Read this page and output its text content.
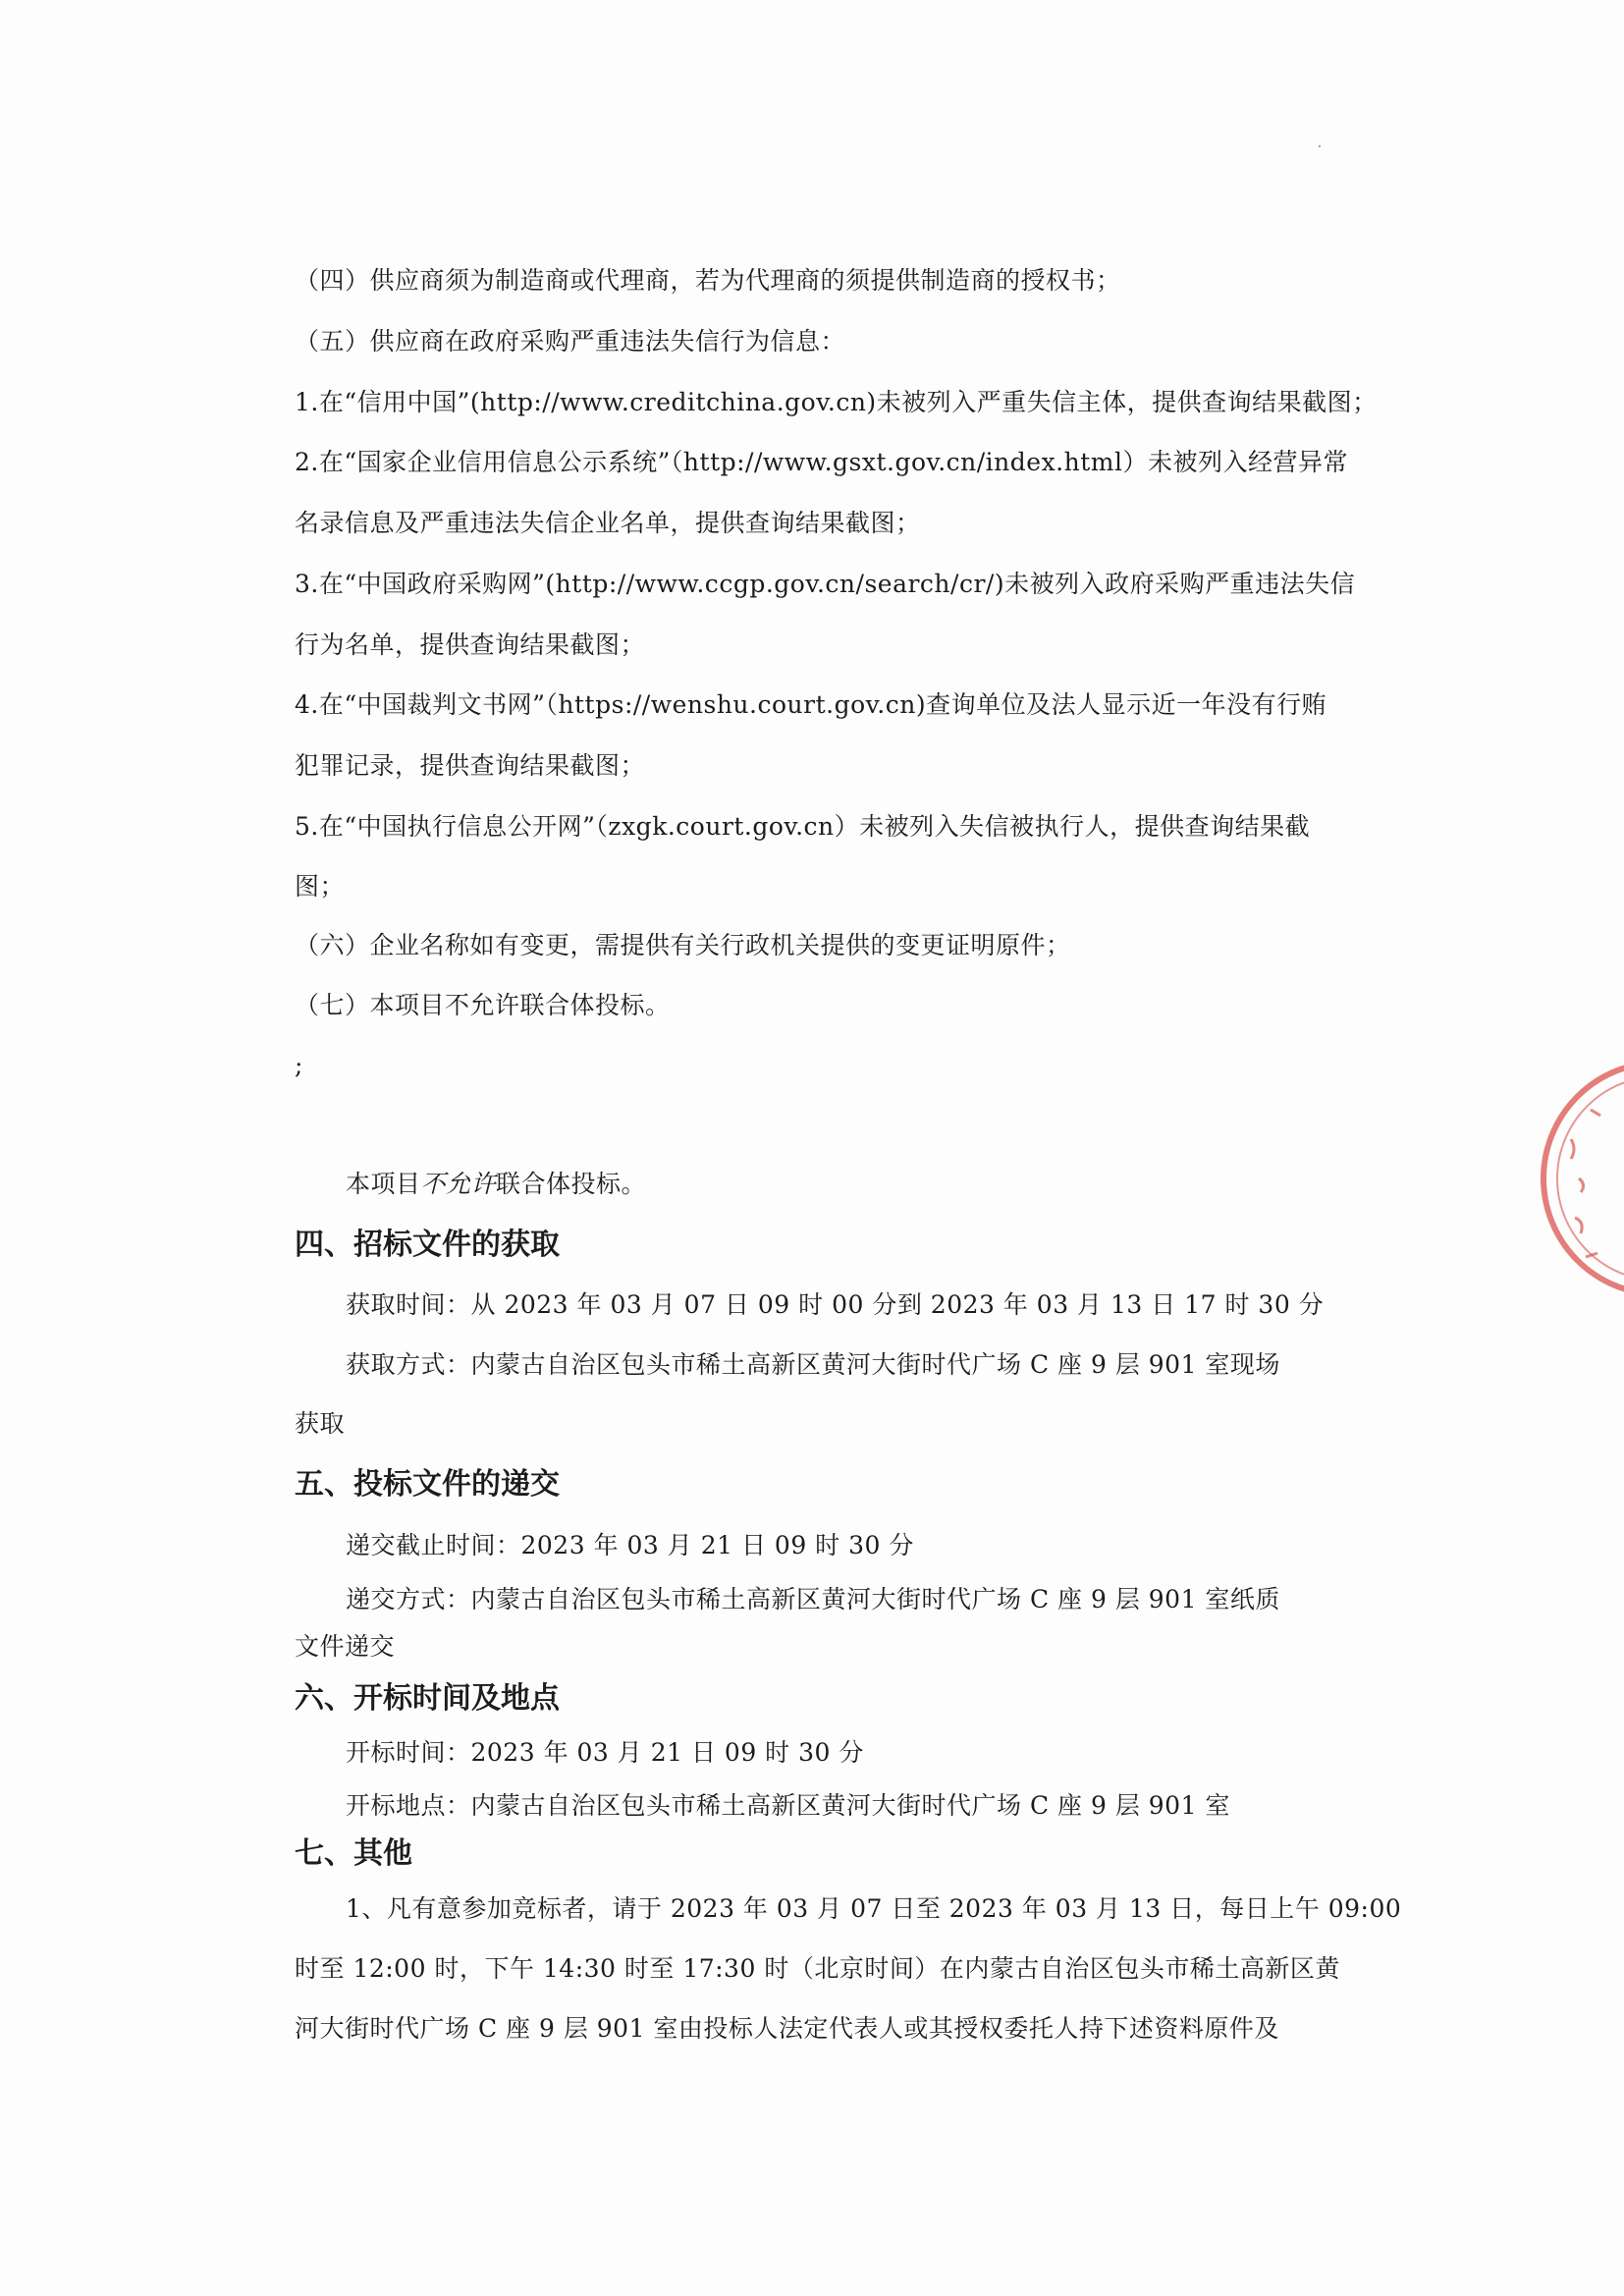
（四）供应商须为制造商或代理商，若为代理商的须提供制造商的授权书；
（五）供应商在政府采购严重违法失信行为信息：
1.在“信用中国”(http://www.creditchina.gov.cn)未被列入严重失信主体，提供查询结果截图；
2.在“国家企业信用信息公示系统”（http://www.gsxt.gov.cn/index.html）未被列入经营异常
名录信息及严重违法失信企业名单，提供查询结果截图；
3.在“中国政府采购网”(http://www.ccgp.gov.cn/search/cr/)未被列入政府采购严重违法失信
行为名单，提供查询结果截图；
4.在“中国裁判文书网”（https://wenshu.court.gov.cn)查询单位及法人显示近一年没有行贿
犯罪记录，提供查询结果截图；
5.在“中国执行信息公开网”（zxgk.court.gov.cn）未被列入失信被执行人，提供查询结果截
图；
（六）企业名称如有变更，需提供有关行政机关提供的变更证明原件；
（七）本项目不允许联合体投标。
;
本项目不允许联合体投标。
四、招标文件的获取
获取时间：从 2023 年 03 月 07 日 09 时 00 分到 2023 年 03 月 13 日 17 时 30 分
获取方式：内蒙古自治区包头市稀土高新区黄河大街时代广场 C 座 9 层 901 室现场
获取
五、投标文件的递交
递交截止时间：2023 年 03 月 21 日 09 时 30 分
递交方式：内蒙古自治区包头市稀土高新区黄河大街时代广场 C 座 9 层 901 室纸质
文件递交
六、开标时间及地点
开标时间：2023 年 03 月 21 日 09 时 30 分
开标地点：内蒙古自治区包头市稀土高新区黄河大街时代广场 C 座 9 层 901 室
七、其他
1、凡有意参加竞标者，请于 2023 年 03 月 07 日至 2023 年 03 月 13 日，每日上午 09:00
时至 12:00 时，下午 14:30 时至 17:30 时（北京时间）在内蒙古自治区包头市稀土高新区黄
河大街时代广场 C 座 9 层 901 室由投标人法定代表人或其授权委托人持下述资料原件及
